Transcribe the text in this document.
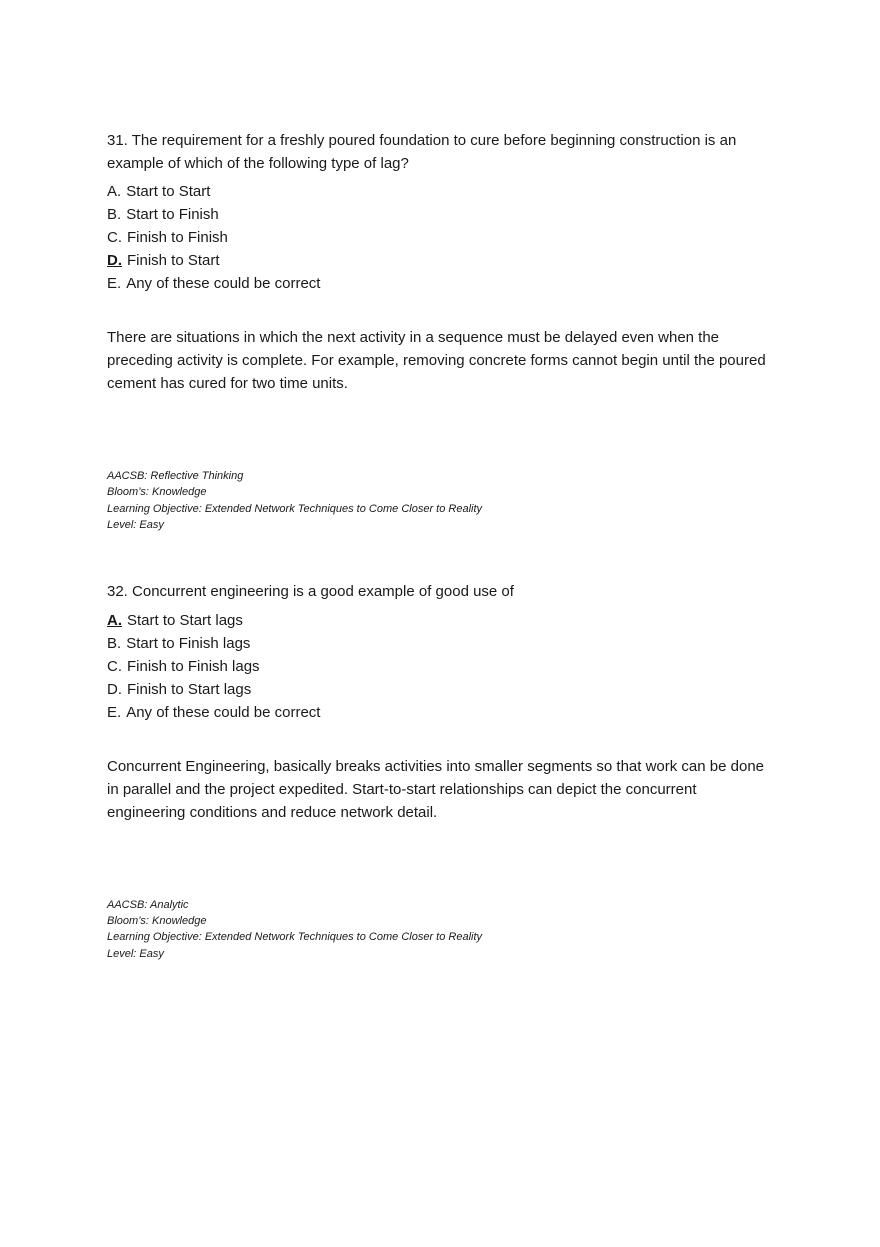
31. The requirement for a freshly poured foundation to cure before beginning construction is an example of which of the following type of lag?

A. Start to Start

B. Start to Finish

C. Finish to Finish

D. Finish to Start

E. Any of these could be correct

There are situations in which the next activity in a sequence must be delayed even when the preceding activity is complete. For example, removing concrete forms cannot begin until the poured cement has cured for two time units.

AACSB: Reflective Thinking

Bloom’s: Knowledge

Learning Objective: Extended Network Techniques to Come Closer to Reality

Level: Easy

32. Concurrent engineering is a good example of good use of

A. Start to Start lags

B. Start to Finish lags

C. Finish to Finish lags

D. Finish to Start lags

E. Any of these could be correct

Concurrent Engineering, basically breaks activities into smaller segments so that work can be done in parallel and the project expedited. Start-to-start relationships can depict the concurrent engineering conditions and reduce network detail.

AACSB: Analytic

Bloom’s: Knowledge

Learning Objective: Extended Network Techniques to Come Closer to Reality

Level: Easy
